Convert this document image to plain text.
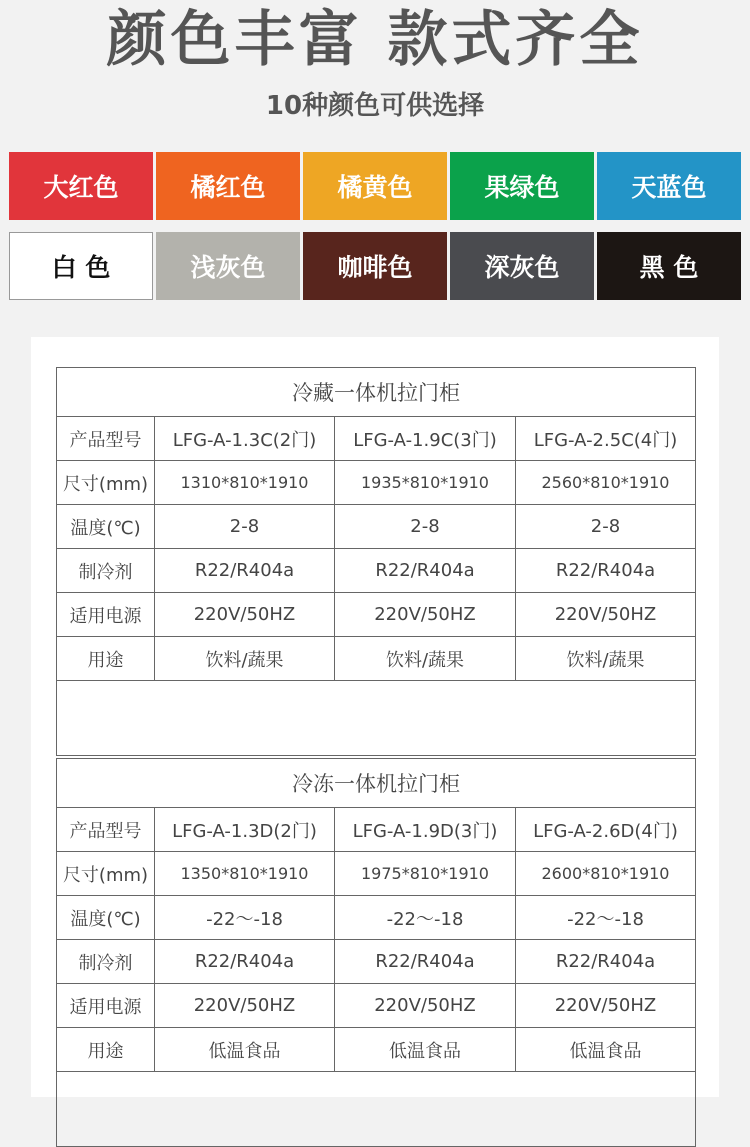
颜色丰富 款式齐全
10种颜色可供选择
大红色	橘红色	橘黄色	果绿色	天蓝色
白 色	浅灰色	咖啡色	深灰色	黑 色
冷藏一体机拉门柜			
产品型号	LFG-A-1.3C(2门)	LFG-A-1.9C(3门)	LFG-A-2.5C(4门)
尺寸(mm)	1310*810*1910	1935*810*1910	2560*810*1910
温度(℃)	2-8	2-8	2-8
制冷剂	R22/R404a	R22/R404a	R22/R404a
适用电源	220V/50HZ	220V/50HZ	220V/50HZ
用途	饮料/蔬果	饮料/蔬果	饮料/蔬果

冷冻一体机拉门柜			
产品型号	LFG-A-1.3D(2门)	LFG-A-1.9D(3门)	LFG-A-2.6D(4门)
尺寸(mm)	1350*810*1910	1975*810*1910	2600*810*1910
温度(℃)	-22～-18	-22～-18	-22～-18
制冷剂	R22/R404a	R22/R404a	R22/R404a
适用电源	220V/50HZ	220V/50HZ	220V/50HZ
用途	低温食品	低温食品	低温食品
